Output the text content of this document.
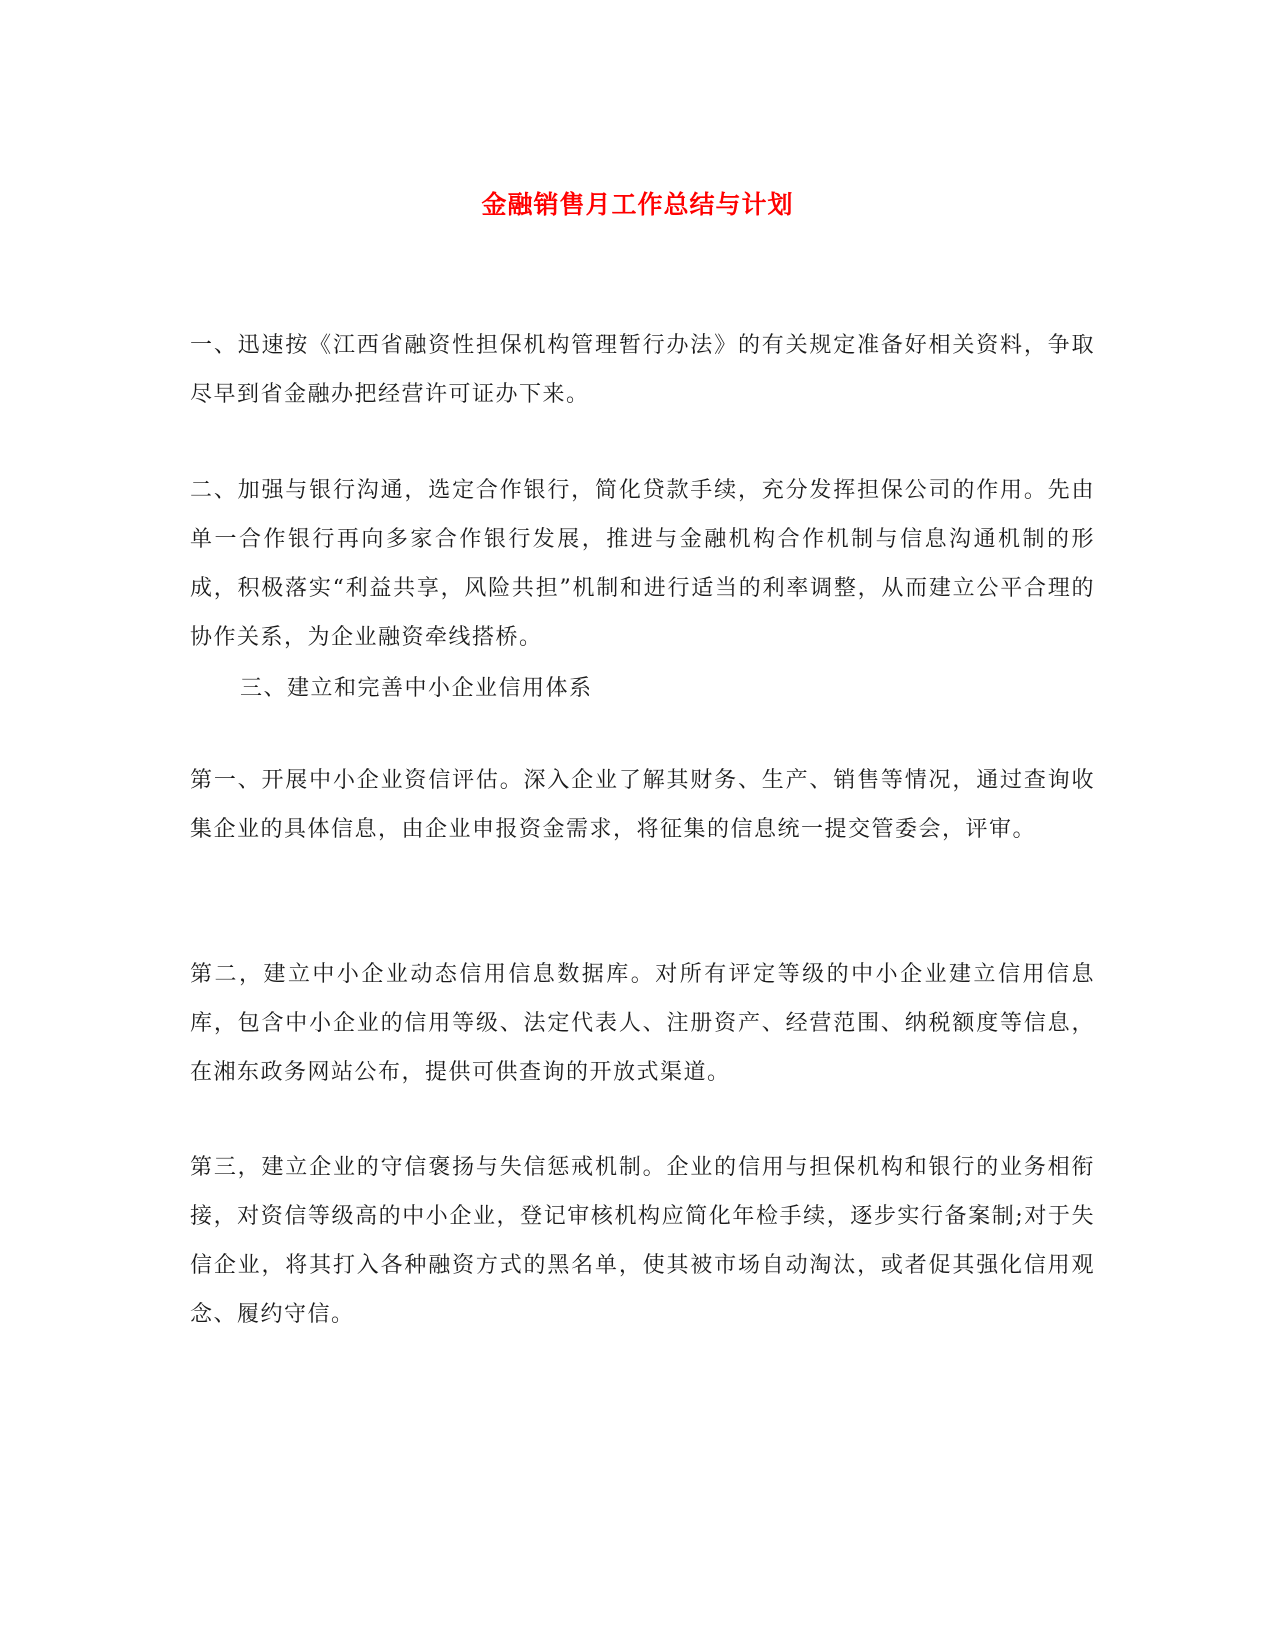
金融销售月工作总结与计划

一、迅速按《江西省融资性担保机构管理暂行办法》的有关规定准备好相关资料，争取尽早到省金融办把经营许可证办下来。

二、加强与银行沟通，选定合作银行，简化贷款手续，充分发挥担保公司的作用。先由单一合作银行再向多家合作银行发展，推进与金融机构合作机制与信息沟通机制的形成，积极落实“利益共享，风险共担”机制和进行适当的利率调整，从而建立公平合理的协作关系，为企业融资牵线搭桥。

三、建立和完善中小企业信用体系

第一、开展中小企业资信评估。深入企业了解其财务、生产、销售等情况，通过查询收集企业的具体信息，由企业申报资金需求，将征集的信息统一提交管委会，评审。

第二，建立中小企业动态信用信息数据库。对所有评定等级的中小企业建立信用信息库，包含中小企业的信用等级、法定代表人、注册资产、经营范围、纳税额度等信息，在湘东政务网站公布，提供可供查询的开放式渠道。

第三，建立企业的守信褒扬与失信惩戒机制。企业的信用与担保机构和银行的业务相衔接，对资信等级高的中小企业，登记审核机构应简化年检手续，逐步实行备案制;对于失信企业，将其打入各种融资方式的黑名单，使其被市场自动淘汰，或者促其强化信用观念、履约守信。
